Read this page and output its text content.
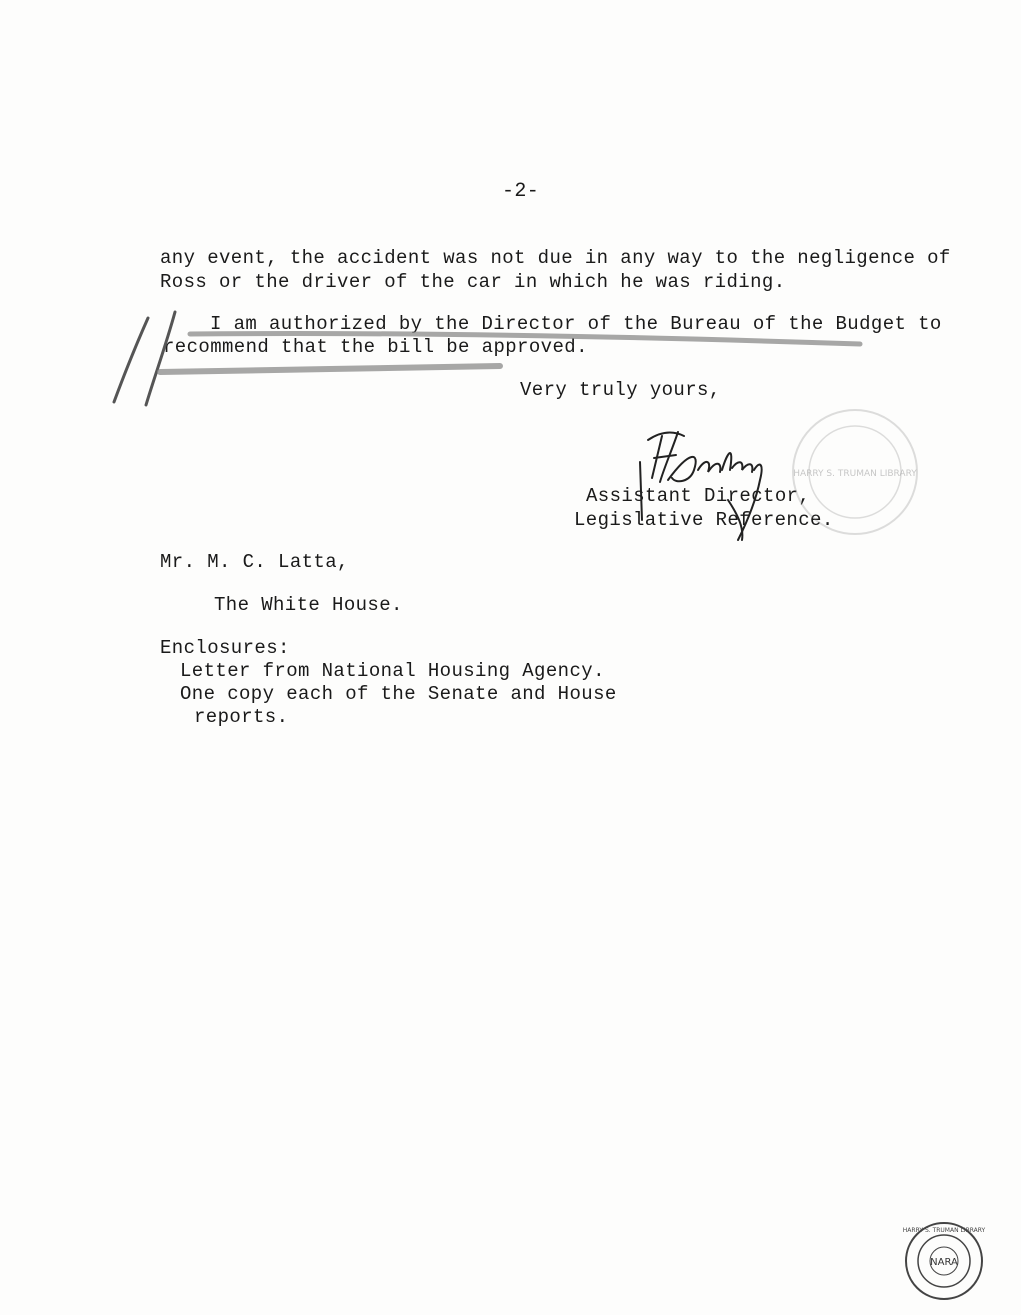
-2-
any event, the accident was not due in any way to the negligence of
Ross or the driver of the car in which he was riding.
I am authorized by the Director of the Bureau of the Budget to
recommend that the bill be approved.
Very truly yours,
Assistant Director,
Legislative Reference.
Mr. M. C. Latta,
The White House.
Enclosures:
Letter from National Housing Agency.
One copy each of the Senate and House
reports.
HARRY S. TRUMAN LIBRARY
NARA
HARRY S. TRUMAN LIBRARY
